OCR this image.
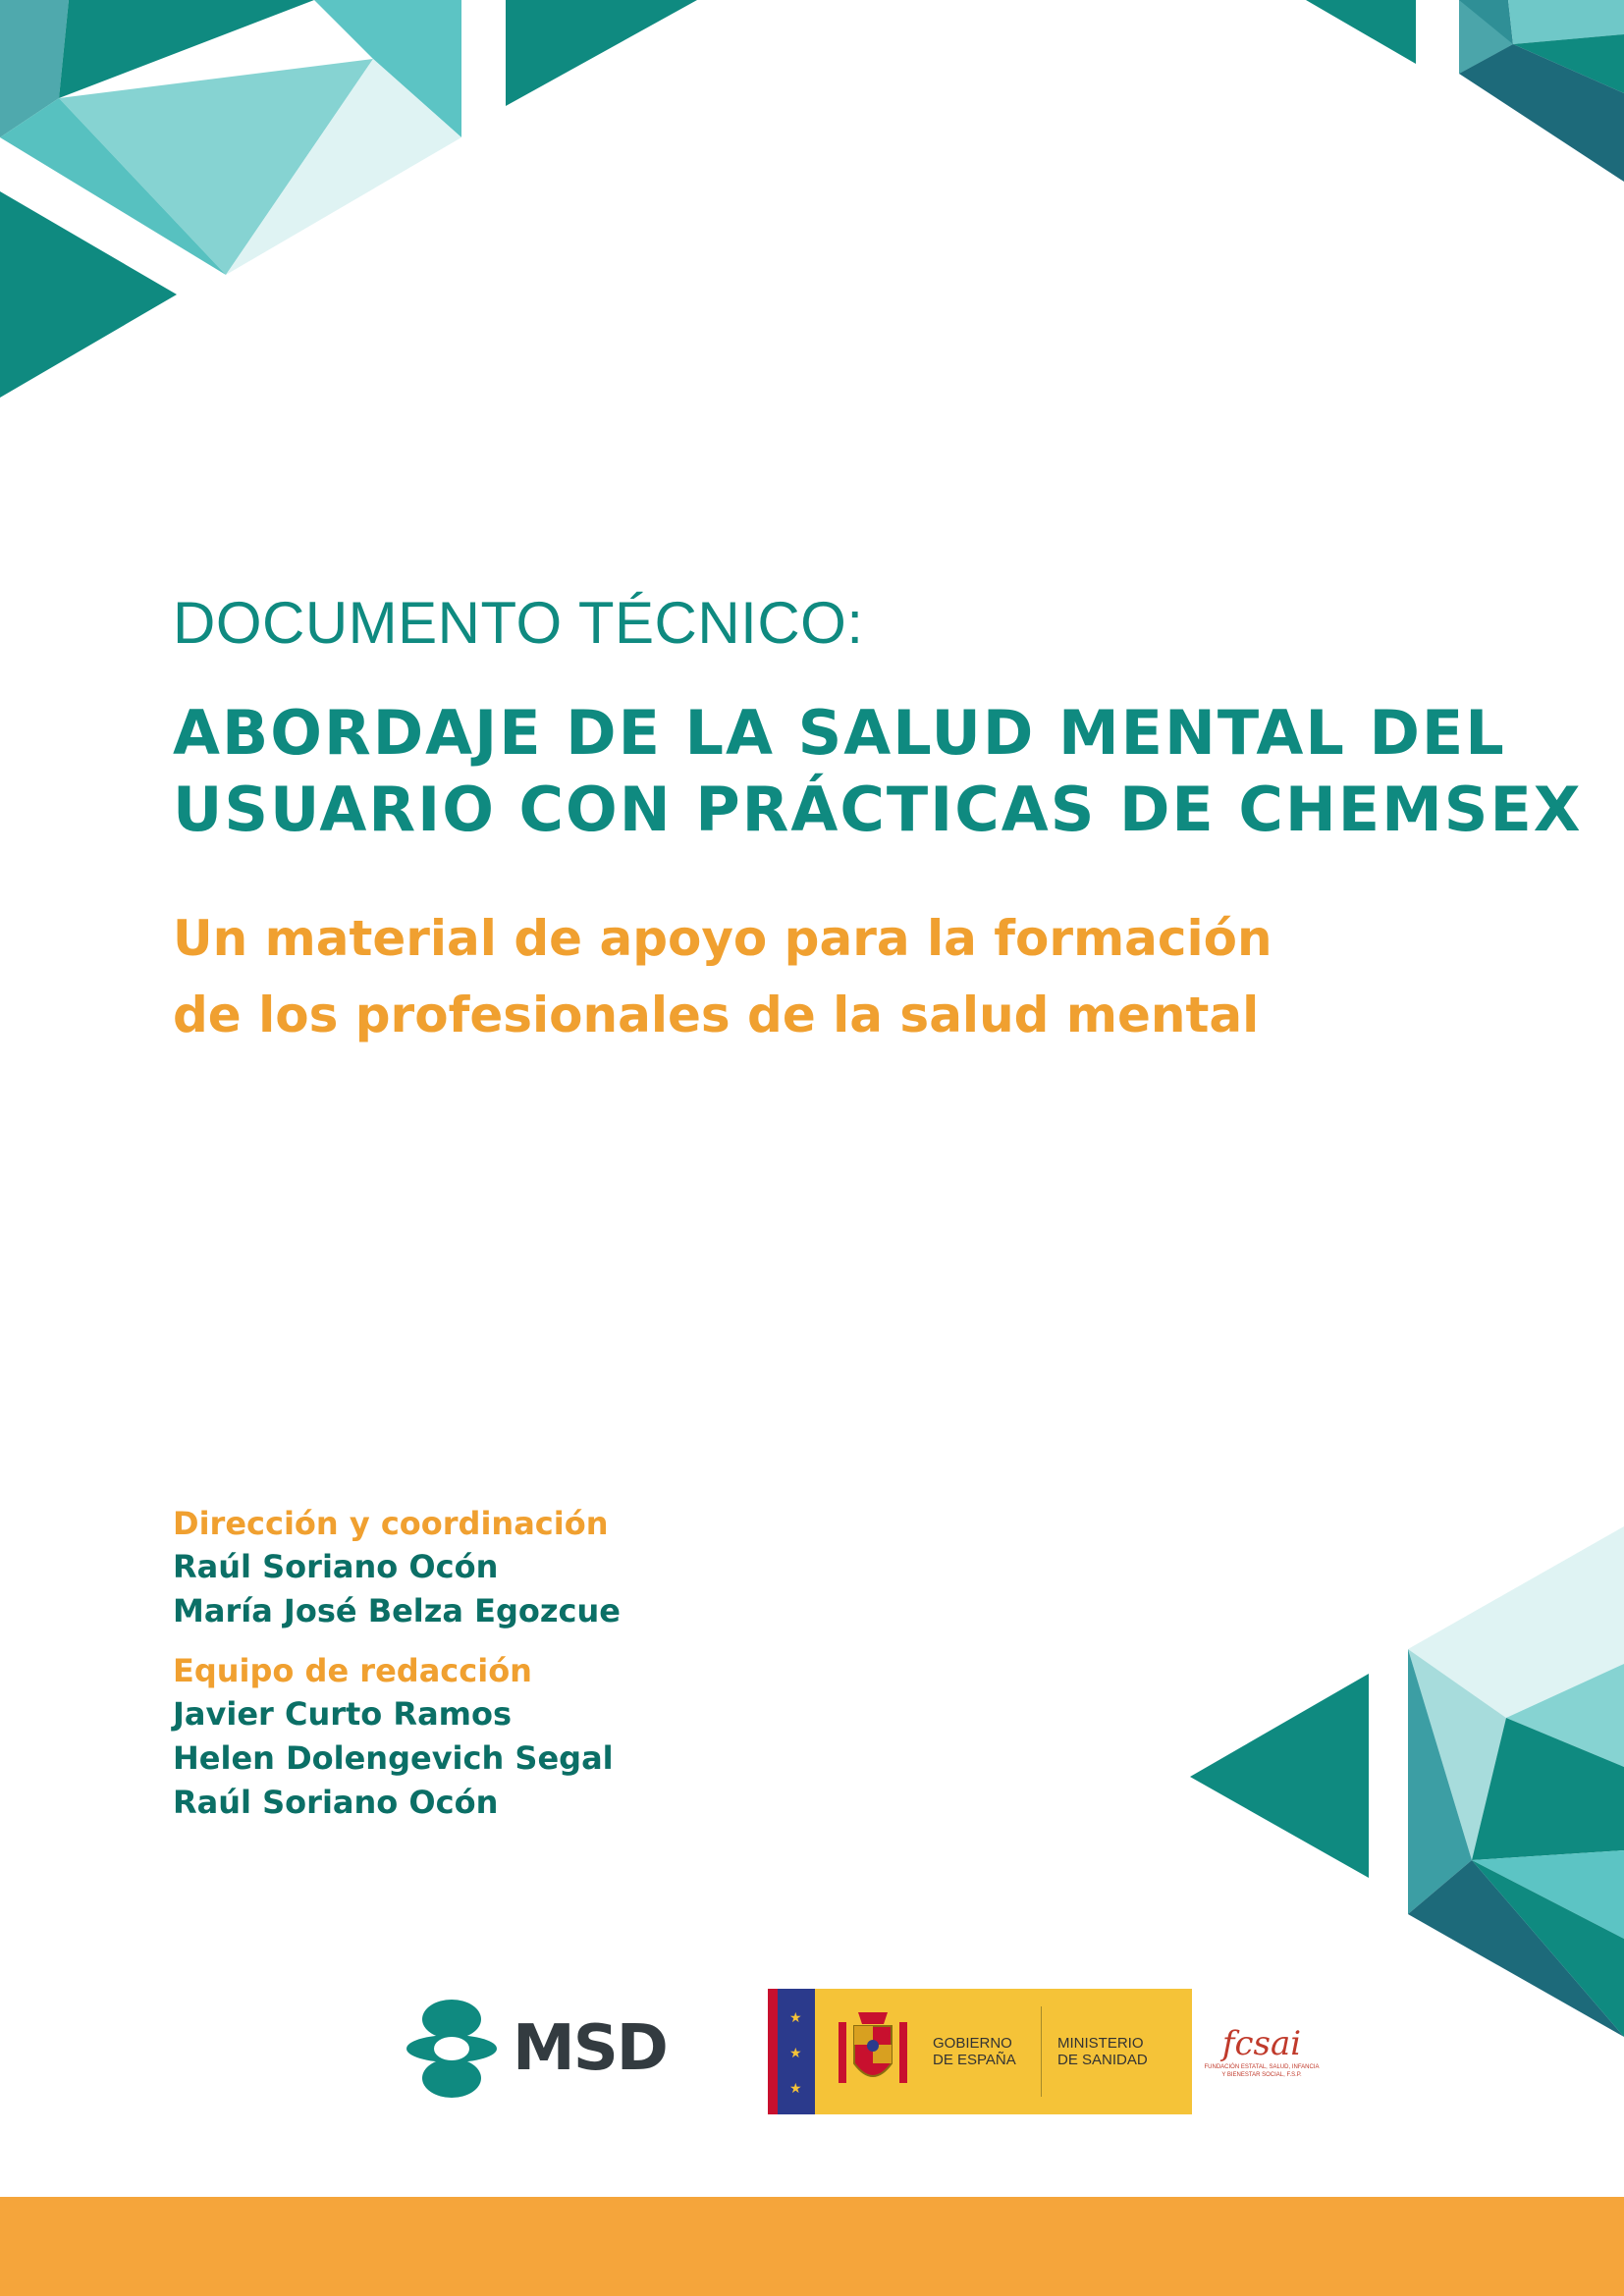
DOCUMENTO TÉCNICO:
ABORDAJE DE LA SALUD MENTAL DEL
USUARIO CON PRÁCTICAS DE CHEMSEX
Un material de apoyo para la formación
de los profesionales de la salud mental
Dirección y coordinación
Raúl Soriano Ocón
María José Belza Egozcue
Equipo de redacción
Javier Curto Ramos
Helen Dolengevich Segal
Raúl Soriano Ocón
MSD	★
★
★
GOBIERNO
DE ESPAÑA
MINISTERIO
DE SANIDAD	fcsai
FUNDACIÓN ESTATAL, SALUD, INFANCIA Y BIENESTAR SOCIAL, F.S.P.
